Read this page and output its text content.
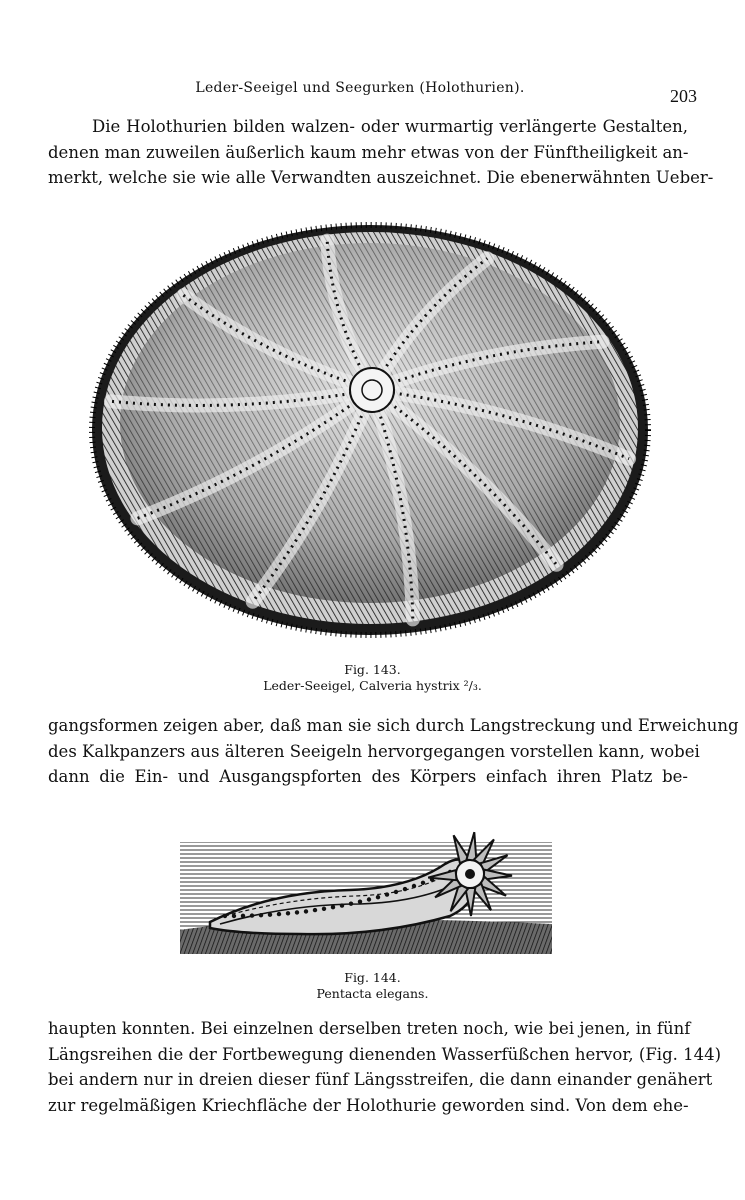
Leder-Seeigel und Seegurken (Holothurien).	203
Die Holothurien bilden walzen- oder wurmartig verlängerte Gestalten,
denen man zuweilen äußerlich kaum mehr etwas von der Fünftheiligkeit an-
merkt, welche sie wie alle Verwandten auszeichnet. Die ebenerwähnten Ueber-
Fig. 143.
Leder-Seeigel, Calveria hystrix ²/₃.
gangsformen zeigen aber, daß man sie sich durch Langstreckung und Erweichung
des Kalkpanzers aus älteren Seeigeln hervorgegangen vorstellen kann, wobei
dann die Ein- und Ausgangspforten des Körpers einfach ihren Platz be-
Fig. 144.
Pentacta elegans.
haupten konnten. Bei einzelnen derselben treten noch, wie bei jenen, in fünf
Längsreihen die der Fortbewegung dienenden Wasserfüßchen hervor, (Fig. 144)
bei andern nur in dreien dieser fünf Längsstreifen, die dann einander genähert
zur regelmäßigen Kriechfläche der Holothurie geworden sind. Von dem ehe-
